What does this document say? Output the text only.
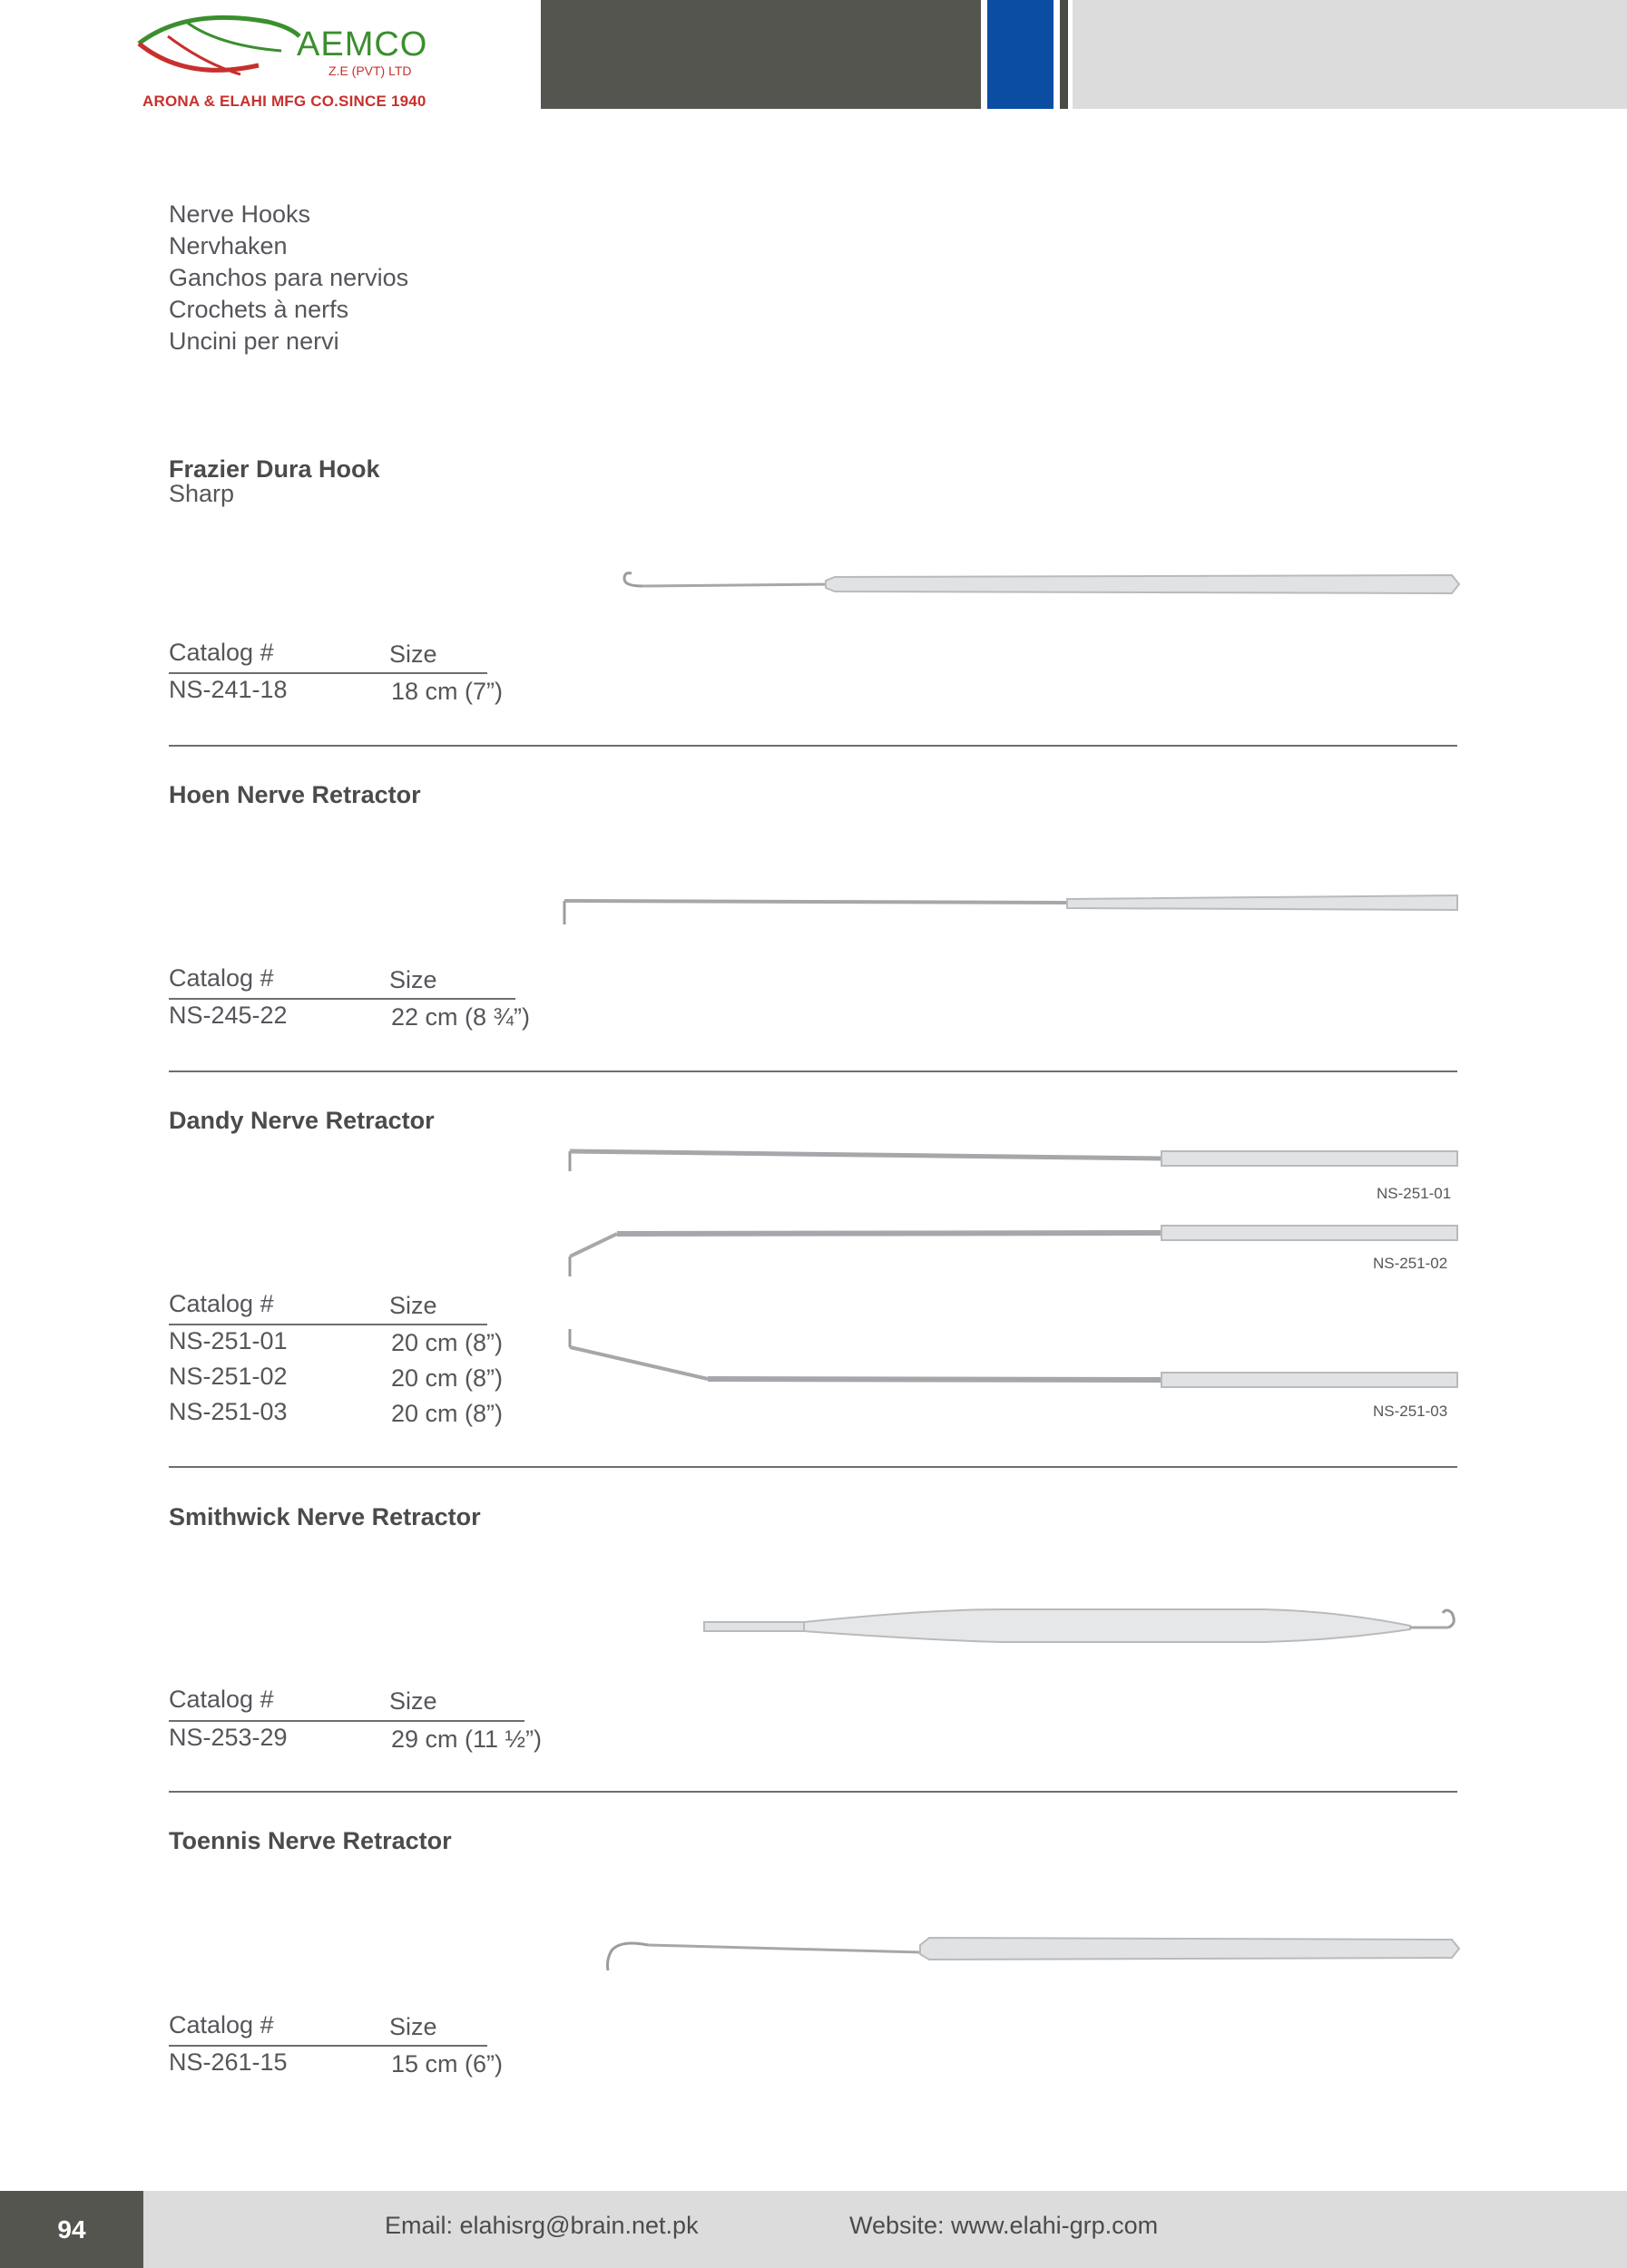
AEMCO
Z.E (PVT) LTD
ARONA & ELAHI MFG CO.SINCE 1940
Nerve Hooks
Nervhaken
Ganchos para nervios
Crochets à nerfs
Uncini per nervi
Frazier Dura Hook
Sharp
Catalog #	Size
NS-241-18	18 cm (7”)
Hoen Nerve Retractor
Catalog #	Size
NS-245-22	22 cm (8 ¾”)
Dandy Nerve Retractor
NS-251-01
NS-251-02
NS-251-03
Catalog #	Size
NS-251-01	20 cm (8”)
NS-251-02	20 cm (8”)
NS-251-03	20 cm (8”)
Smithwick Nerve Retractor
Catalog #	Size
NS-253-29	29 cm (11 ½”)
Toennis Nerve Retractor
Catalog #	Size
NS-261-15	15 cm (6”)
94	Email: elahisrg@brain.net.pk	Website: www.elahi-grp.com
